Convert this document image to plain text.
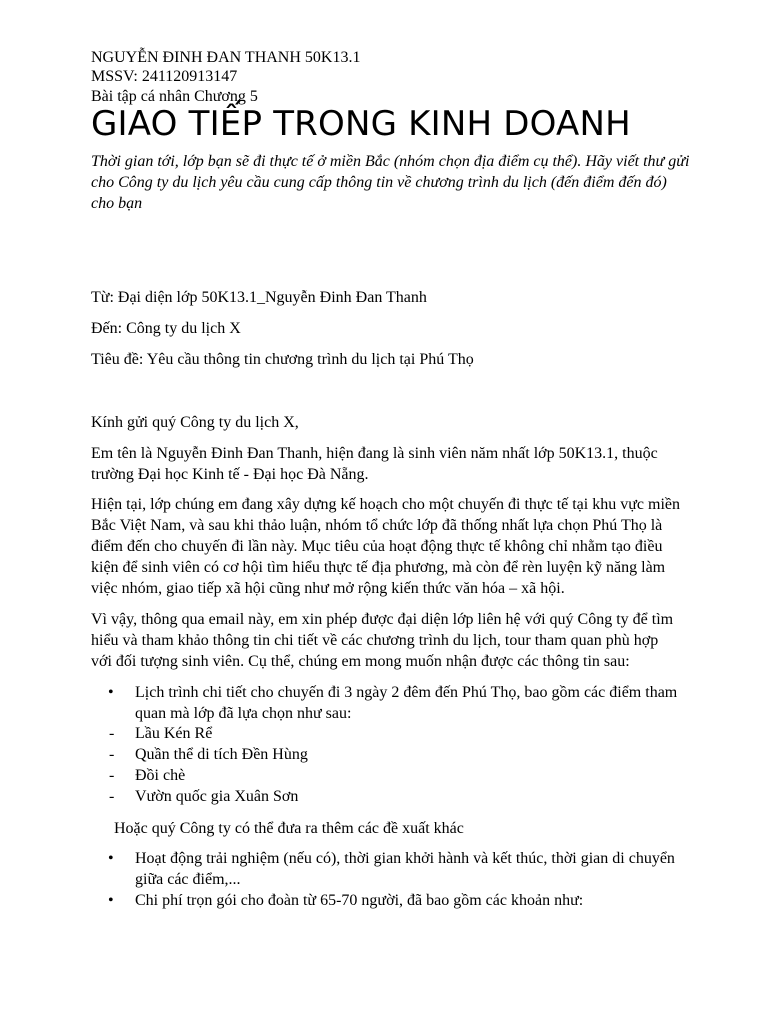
NGUYỄN ĐINH ĐAN THANH 50K13.1
MSSV: 241120913147
Bài tập cá nhân Chương 5
GIAO TIẾP TRONG KINH DOANH
Thời gian tới, lớp bạn sẽ đi thực tế ở miền Bắc (nhóm chọn địa điểm cụ thể). Hãy viết thư gửi cho Công ty du lịch yêu cầu cung cấp thông tin về chương trình du lịch (đến điểm đến đó) cho bạn
Từ: Đại diện lớp 50K13.1_Nguyễn Đinh Đan Thanh
Đến: Công ty du lịch X
Tiêu đề: Yêu cầu thông tin chương trình du lịch tại Phú Thọ
Kính gửi quý Công ty du lịch X,

Em tên là Nguyễn Đinh Đan Thanh, hiện đang là sinh viên năm nhất lớp 50K13.1, thuộc trường Đại học Kinh tế - Đại học Đà Nẵng.

Hiện tại, lớp chúng em đang xây dựng kế hoạch cho một chuyến đi thực tế tại khu vực miền Bắc Việt Nam, và sau khi thảo luận, nhóm tổ chức lớp đã thống nhất lựa chọn Phú Thọ là điểm đến cho chuyến đi lần này. Mục tiêu của hoạt động thực tế không chỉ nhằm tạo điều kiện để sinh viên có cơ hội tìm hiểu thực tế địa phương, mà còn để rèn luyện kỹ năng làm việc nhóm, giao tiếp xã hội cũng như mở rộng kiến thức văn hóa – xã hội.

Vì vậy, thông qua email này, em xin phép được đại diện lớp liên hệ với quý Công ty để tìm hiểu và tham khảo thông tin chi tiết về các chương trình du lịch, tour tham quan phù hợp với đối tượng sinh viên. Cụ thể, chúng em mong muốn nhận được các thông tin sau:

•	Lịch trình chi tiết cho chuyến đi 3 ngày 2 đêm đến Phú Thọ, bao gồm các điểm tham quan mà lớp đã lựa chọn như sau:
- Lầu Kén Rể
- Quần thể di tích Đền Hùng
- Đồi chè
- Vườn quốc gia Xuân Sơn
Hoặc quý Công ty có thể đưa ra thêm các đề xuất khác
•	Hoạt động trải nghiệm (nếu có), thời gian khởi hành và kết thúc, thời gian di chuyển giữa các điểm,...
•	Chi phí trọn gói cho đoàn từ 65-70 người, đã bao gồm các khoản như:
